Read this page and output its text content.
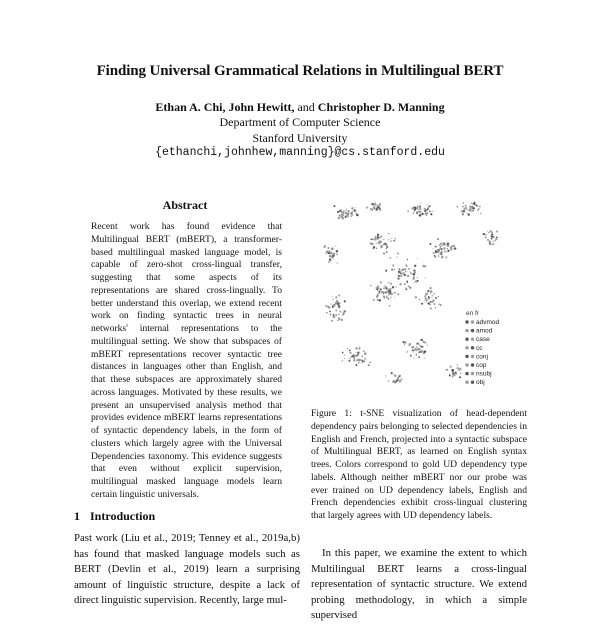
Finding Universal Grammatical Relations in Multilingual BERT
Ethan A. Chi, John Hewitt, and Christopher D. Manning
Department of Computer Science
Stanford University
{ethanchi,johnhew,manning}@cs.stanford.edu
Abstract
Recent work has found evidence that Multilingual BERT (mBERT), a transformer-based multilingual masked language model, is capable of zero-shot cross-lingual transfer, suggesting that some aspects of its representations are shared cross-lingually. To better understand this overlap, we extend recent work on finding syntactic trees in neural networks' internal representations to the multilingual setting. We show that subspaces of mBERT representations recover syntactic tree distances in languages other than English, and that these subspaces are approximately shared across languages. Motivated by these results, we present an unsupervised analysis method that provides evidence mBERT learns representations of syntactic dependency labels, in the form of clusters which largely agree with the Universal Dependencies taxonomy. This evidence suggests that even without explicit supervision, multilingual masked language models learn certain linguistic universals.
1 Introduction
Past work (Liu et al., 2019; Tenney et al., 2019a,b) has found that masked language models such as BERT (Devlin et al., 2019) learn a surprising amount of linguistic structure, despite a lack of direct linguistic supervision. Recently, large mul-
en fr
advmod
amod
case
cc
conj
cop
nsubj
obj
Figure 1: t-SNE visualization of head-dependent dependency pairs belonging to selected dependencies in English and French, projected into a syntactic subspace of Multilingual BERT, as learned on English syntax trees. Colors correspond to gold UD dependency type labels. Although neither mBERT nor our probe was ever trained on UD dependency labels, English and French dependencies exhibit cross-lingual clustering that largely agrees with UD dependency labels.
In this paper, we examine the extent to which Multilingual BERT learns a cross-lingual representation of syntactic structure. We extend probing methodology, in which a simple supervised
